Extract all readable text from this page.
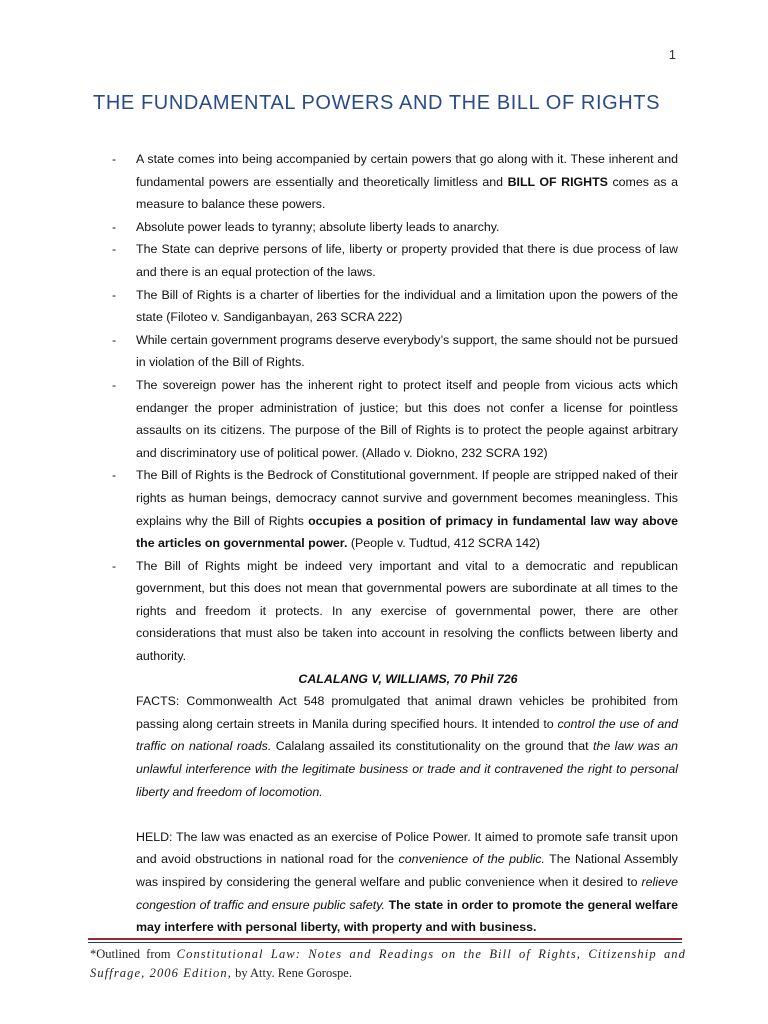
1
THE FUNDAMENTAL POWERS AND THE BILL OF RIGHTS
- A state comes into being accompanied by certain powers that go along with it. These inherent and fundamental powers are essentially and theoretically limitless and BILL OF RIGHTS comes as a measure to balance these powers.
- Absolute power leads to tyranny; absolute liberty leads to anarchy.
- The State can deprive persons of life, liberty or property provided that there is due process of law and there is an equal protection of the laws.
- The Bill of Rights is a charter of liberties for the individual and a limitation upon the powers of the state (Filoteo v. Sandiganbayan, 263 SCRA 222)
- While certain government programs deserve everybody’s support, the same should not be pursued in violation of the Bill of Rights.
- The sovereign power has the inherent right to protect itself and people from vicious acts which endanger the proper administration of justice; but this does not confer a license for pointless assaults on its citizens. The purpose of the Bill of Rights is to protect the people against arbitrary and discriminatory use of political power. (Allado v. Diokno, 232 SCRA 192)
- The Bill of Rights is the Bedrock of Constitutional government. If people are stripped naked of their rights as human beings, democracy cannot survive and government becomes meaningless. This explains why the Bill of Rights occupies a position of primacy in fundamental law way above the articles on governmental power. (People v. Tudtud, 412 SCRA 142)
- The Bill of Rights might be indeed very important and vital to a democratic and republican government, but this does not mean that governmental powers are subordinate at all times to the rights and freedom it protects. In any exercise of governmental power, there are other considerations that must also be taken into account in resolving the conflicts between liberty and authority.

CALALANG V, WILLIAMS, 70 Phil 726

FACTS: Commonwealth Act 548 promulgated that animal drawn vehicles be prohibited from passing along certain streets in Manila during specified hours. It intended to control the use of and traffic on national roads. Calalang assailed its constitutionality on the ground that the law was an unlawful interference with the legitimate business or trade and it contravened the right to personal liberty and freedom of locomotion.

HELD: The law was enacted as an exercise of Police Power. It aimed to promote safe transit upon and avoid obstructions in national road for the convenience of the public. The National Assembly was inspired by considering the general welfare and public convenience when it desired to relieve congestion of traffic and ensure public safety. The state in order to promote the general welfare may interfere with personal liberty, with property and with business.

*Outlined from Constitutional Law: Notes and Readings on the Bill of Rights, Citizenship and Suffrage, 2006 Edition, by Atty. Rene Gorospe.
